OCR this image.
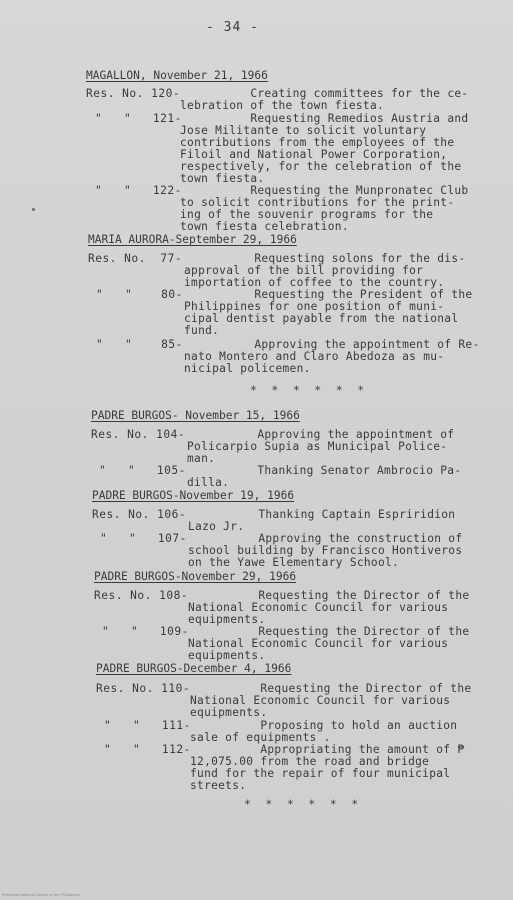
- 34 -
MAGALLON, November 21, 1966
Res. No. 120- Creating committees for the ce-
lebration of the town fiesta.
"   "   121-
Requesting Remedios Austria and
Jose Militante to solicit voluntary
contributions from the employees of the
Filoil and National Power Corporation,
respectively, for the celebration of the
town fiesta.
"   "   122-
Requesting the Munpronatec Club
to solicit contributions for the print-
ing of the souvenir programs for the
town fiesta celebration.
MARIA AURORA-September 29, 1966
Res. No.  77- Requesting solons for the dis-
approval of the bill providing for
importation of coffee to the country.
"   "    80- Requesting the President of the
Philippines for one position of muni-
cipal dentist payable from the national
fund.
"   "    85- Approving the appointment of Re-
nato Montero and Claro Abedoza as mu-
nicipal policemen.
* * * * * *
PADRE BURGOS- November 15, 1966
Res. No. 104- Approving the appointment of
Policarpio Supia as Municipal Police-
man.
"   "   105- Thanking Senator Ambrocio Pa-
dilla.
PADRE BURGOS-November 19, 1966
Res. No. 106- Thanking Captain Espriridion
Lazo Jr.
"   "   107- Approving the construction of
school building by Francisco Hontiveros
on the Yawe Elementary School.
PADRE BURGOS-November 29, 1966
Res. No. 108- Requesting the Director of the
National Economic Council for various
equipments.
"   "   109- Requesting the Director of the
National Economic Council for various
equipments.
PADRE BURGOS-December 4, 1966
Res. No. 110- Requesting the Director of the
National Economic Council for various
equipments.
"   "   111- Proposing to hold an auction
sale of equipments .
"   "   112- Appropriating the amount of ₱
12,075.00 from the road and bridge
fund for the repair of four municipal
streets.
* * * * * *
Philippine National Library of the Philippines
